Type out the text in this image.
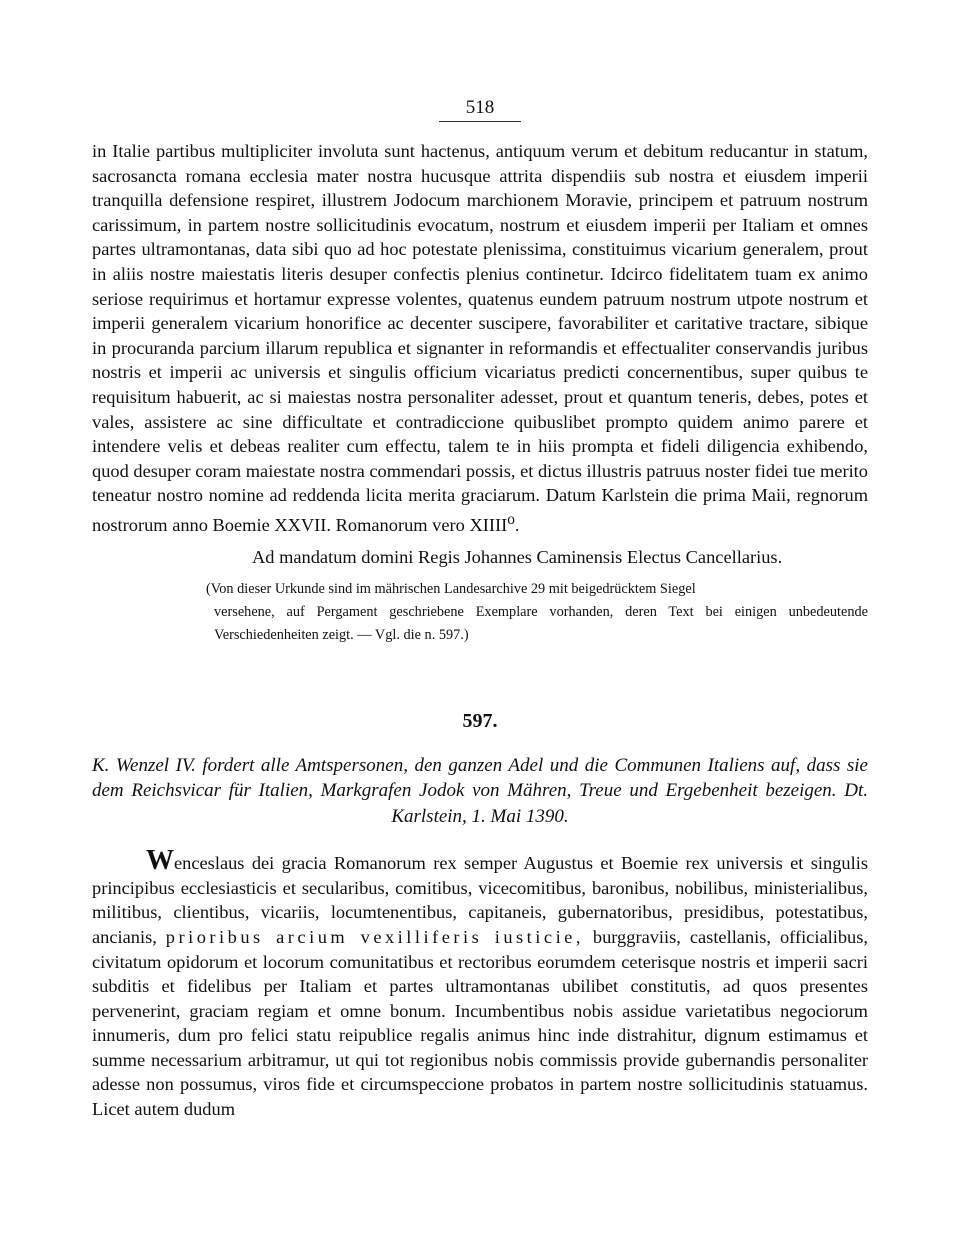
518

in Italie partibus multipliciter involuta sunt hactenus, antiquum verum et debitum reducantur in statum, sacrosancta romana ecclesia mater nostra hucusque attrita dispendiis sub nostra et eiusdem imperii tranquilla defensione respiret, illustrem Jodocum marchionem Moravie, principem et patruum nostrum carissimum, in partem nostre sollicitudinis evocatum, nostrum et eiusdem imperii per Italiam et omnes partes ultramontanas, data sibi quo ad hoc potestate plenissima, constituimus vicarium generalem, prout in aliis nostre maiestatis literis desuper confectis plenius continetur. Idcirco fidelitatem tuam ex animo seriose requirimus et hortamur expresse volentes, quatenus eundem patruum nostrum utpote nostrum et imperii generalem vicarium honorifice ac decenter suscipere, favorabiliter et caritative tractare, sibique in procuranda parcium illarum republica et signanter in reformandis et effectualiter conservandis juribus nostris et imperii ac universis et singulis officium vicariatus predicti concernentibus, super quibus te requisitum habuerit, ac si maiestas nostra personaliter adesset, prout et quantum teneris, debes, potes et vales, assistere ac sine difficultate et contradiccione quibuslibet prompto quidem animo parere et intendere velis et debeas realiter cum effectu, talem te in hiis prompta et fideli diligencia exhibendo, quod desuper coram maiestate nostra commendari possis, et dictus illustris patruus noster fidei tue merito teneatur nostro nomine ad reddenda licita merita graciarum. Datum Karlstein die prima Maii, regnorum nostrorum anno Boemie XXVII. Romanorum vero XIIII$^o$.

Ad mandatum domini Regis Johannes Caminensis Electus Cancellarius.

(Von dieser Urkunde sind im mährischen Landesarchive 29 mit beigedrücktem Siegel
versehene, auf Pergament geschriebene Exemplare vorhanden, deren Text bei einigen unbedeutende Verschiedenheiten zeigt. — Vgl. die n. 597.)

597.

K. Wenzel IV. fordert alle Amtspersonen, den ganzen Adel und die Communen Italiens auf, dass sie dem Reichsvicar für Italien, Markgrafen Jodok von Mähren, Treue und Ergebenheit bezeigen. Dt. Karlstein, 1. Mai 1390.

Wenceslaus dei gracia Romanorum rex semper Augustus et Boemie rex universis et singulis principibus ecclesiasticis et secularibus, comitibus, vicecomitibus, baronibus, nobilibus, ministerialibus, militibus, clientibus, vicariis, locumtenentibus, capitaneis, gubernatoribus, presidibus, potestatibus, ancianis, prioribus arcium vexilliferis iusticie, burggraviis, castellanis, officialibus, civitatum opidorum et locorum comunitatibus et rectoribus eorumdem ceterisque nostris et imperii sacri subditis et fidelibus per Italiam et partes ultramontanas ubilibet constitutis, ad quos presentes pervenerint, graciam regiam et omne bonum. Incumbentibus nobis assidue varietatibus negociorum innumeris, dum pro felici statu reipublice regalis animus hinc inde distrahitur, dignum estimamus et summe necessarium arbitramur, ut qui tot regionibus nobis commissis provide gubernandis personaliter adesse non possumus, viros fide et circumspeccione probatos in partem nostre sollicitudinis statuamus. Licet autem dudum
